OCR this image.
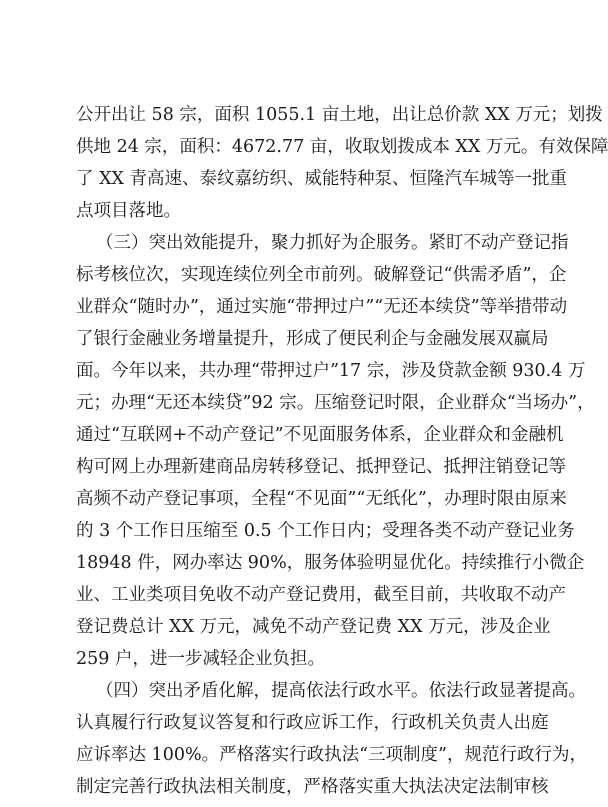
公开出让 58 宗，面积 1055.1 亩土地，出让总价款 XX 万元；划拨
供地 24 宗，面积：4672.77 亩，收取划拨成本 XX 万元。有效保障
了 XX 青高速、泰纹嘉纺织、威能特种泵、恒隆汽车城等一批重
点项目落地。
（三）突出效能提升，聚力抓好为企服务。紧盯不动产登记指
标考核位次，实现连续位列全市前列。破解登记“供需矛盾”，企
业群众“随时办”，通过实施“带押过户”“无还本续贷”等举措带动
了银行金融业务增量提升，形成了便民利企与金融发展双赢局
面。今年以来，共办理“带押过户”17 宗，涉及贷款金额 930.4 万
元；办理“无还本续贷”92 宗。压缩登记时限，企业群众“当场办”，
通过“互联网+不动产登记”不见面服务体系，企业群众和金融机
构可网上办理新建商品房转移登记、抵押登记、抵押注销登记等
高频不动产登记事项，全程“不见面”“无纸化”，办理时限由原来
的 3 个工作日压缩至 0.5 个工作日内；受理各类不动产登记业务
18948 件，网办率达 90%，服务体验明显优化。持续推行小微企
业、工业类项目免收不动产登记费用，截至目前，共收取不动产
登记费总计 XX 万元，减免不动产登记费 XX 万元，涉及企业
259 户，进一步减轻企业负担。
（四）突出矛盾化解，提高依法行政水平。依法行政显著提高。
认真履行行政复议答复和行政应诉工作，行政机关负责人出庭
应诉率达 100%。严格落实行政执法“三项制度”，规范行政行为，
制定完善行政执法相关制度，严格落实重大执法决定法制审核
